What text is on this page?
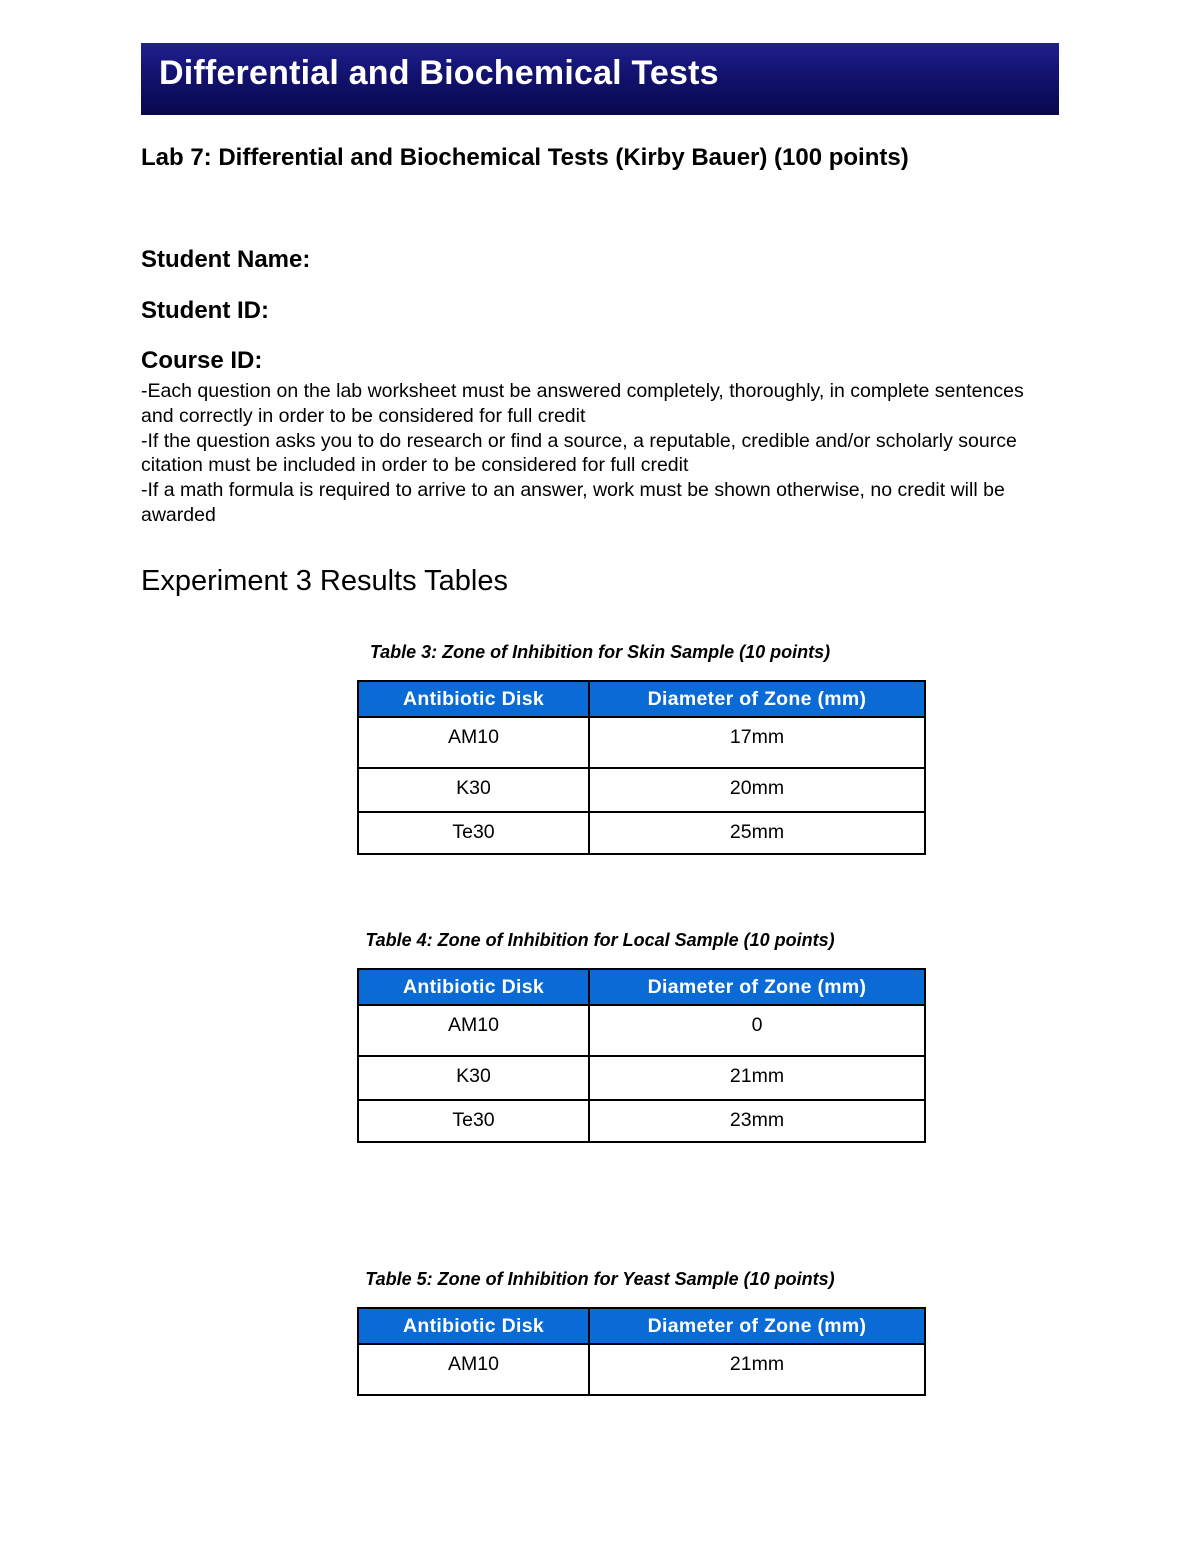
Differential and Biochemical Tests
Lab 7: Differential and Biochemical Tests (Kirby Bauer) (100 points)
Student Name:
Student ID:
Course ID:

-Each question on the lab worksheet must be answered completely, thoroughly, in complete sentences and correctly in order to be considered for full credit

-If the question asks you to do research or find a source, a reputable, credible and/or scholarly source citation must be included in order to be considered for full credit

-If a math formula is required to arrive to an answer, work must be shown otherwise, no credit will be awarded

Experiment 3 Results Tables
Table 3: Zone of Inhibition for Skin Sample (10 points)
Antibiotic Disk	Diameter of Zone (mm)
AM10	17mm
K30	20mm
Te30	25mm
Table 4: Zone of Inhibition for Local Sample (10 points)
Antibiotic Disk	Diameter of Zone (mm)
AM10	0
K30	21mm
Te30	23mm
Table 5: Zone of Inhibition for Yeast Sample (10 points)
Antibiotic Disk	Diameter of Zone (mm)
AM10	21mm
